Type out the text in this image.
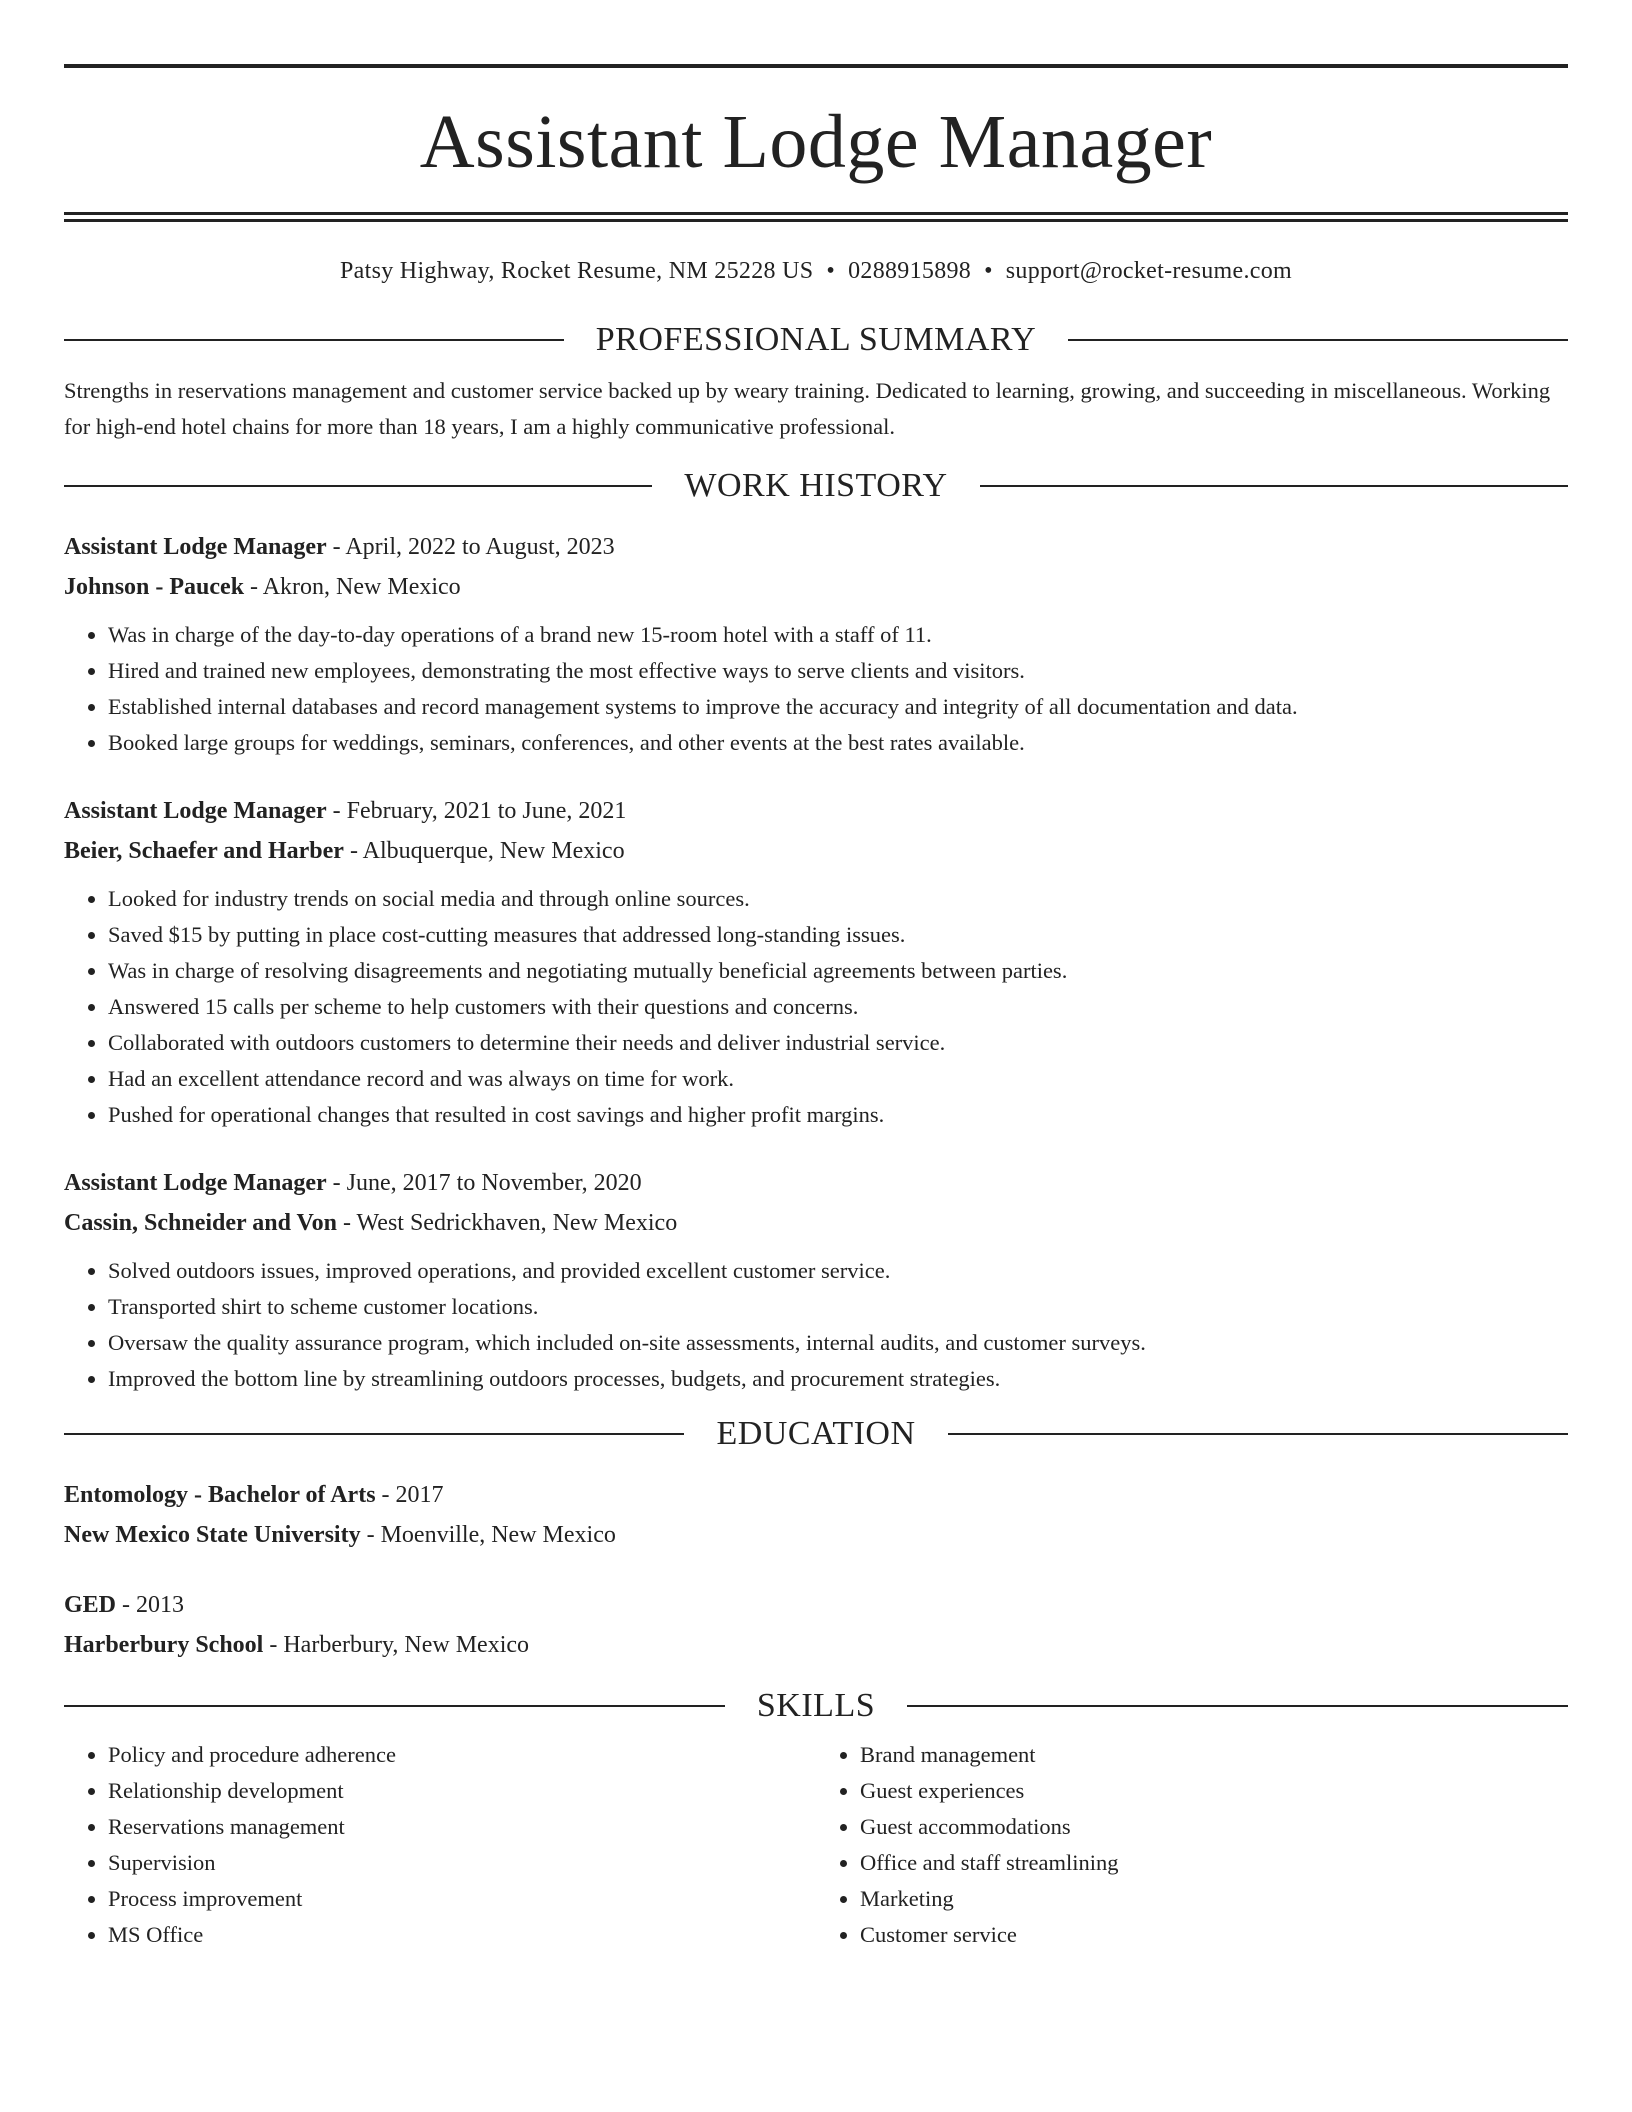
Assistant Lodge Manager
Patsy Highway, Rocket Resume, NM 25228 US • 0288915898 • support@rocket-resume.com
PROFESSIONAL SUMMARY

Strengths in reservations management and customer service backed up by weary training. Dedicated to learning, growing, and succeeding in miscellaneous. Working for high-end hotel chains for more than 18 years, I am a highly communicative professional.

WORK HISTORY
Assistant Lodge Manager - April, 2022 to August, 2023
Johnson - Paucek - Akron, New Mexico
• Was in charge of the day-to-day operations of a brand new 15-room hotel with a staff of 11.
• Hired and trained new employees, demonstrating the most effective ways to serve clients and visitors.
• Established internal databases and record management systems to improve the accuracy and integrity of all documentation and data.
• Booked large groups for weddings, seminars, conferences, and other events at the best rates available.
Assistant Lodge Manager - February, 2021 to June, 2021
Beier, Schaefer and Harber - Albuquerque, New Mexico
• Looked for industry trends on social media and through online sources.
• Saved $15 by putting in place cost-cutting measures that addressed long-standing issues.
• Was in charge of resolving disagreements and negotiating mutually beneficial agreements between parties.
• Answered 15 calls per scheme to help customers with their questions and concerns.
• Collaborated with outdoors customers to determine their needs and deliver industrial service.
• Had an excellent attendance record and was always on time for work.
• Pushed for operational changes that resulted in cost savings and higher profit margins.
Assistant Lodge Manager - June, 2017 to November, 2020
Cassin, Schneider and Von - West Sedrickhaven, New Mexico
• Solved outdoors issues, improved operations, and provided excellent customer service.
• Transported shirt to scheme customer locations.
• Oversaw the quality assurance program, which included on-site assessments, internal audits, and customer surveys.
• Improved the bottom line by streamlining outdoors processes, budgets, and procurement strategies.
EDUCATION
Entomology - Bachelor of Arts - 2017
New Mexico State University - Moenville, New Mexico
GED - 2013
Harberbury School - Harberbury, New Mexico
SKILLS
• Policy and procedure adherence
• Relationship development
• Reservations management
• Supervision
• Process improvement
• MS Office
• Brand management
• Guest experiences
• Guest accommodations
• Office and staff streamlining
• Marketing
• Customer service
